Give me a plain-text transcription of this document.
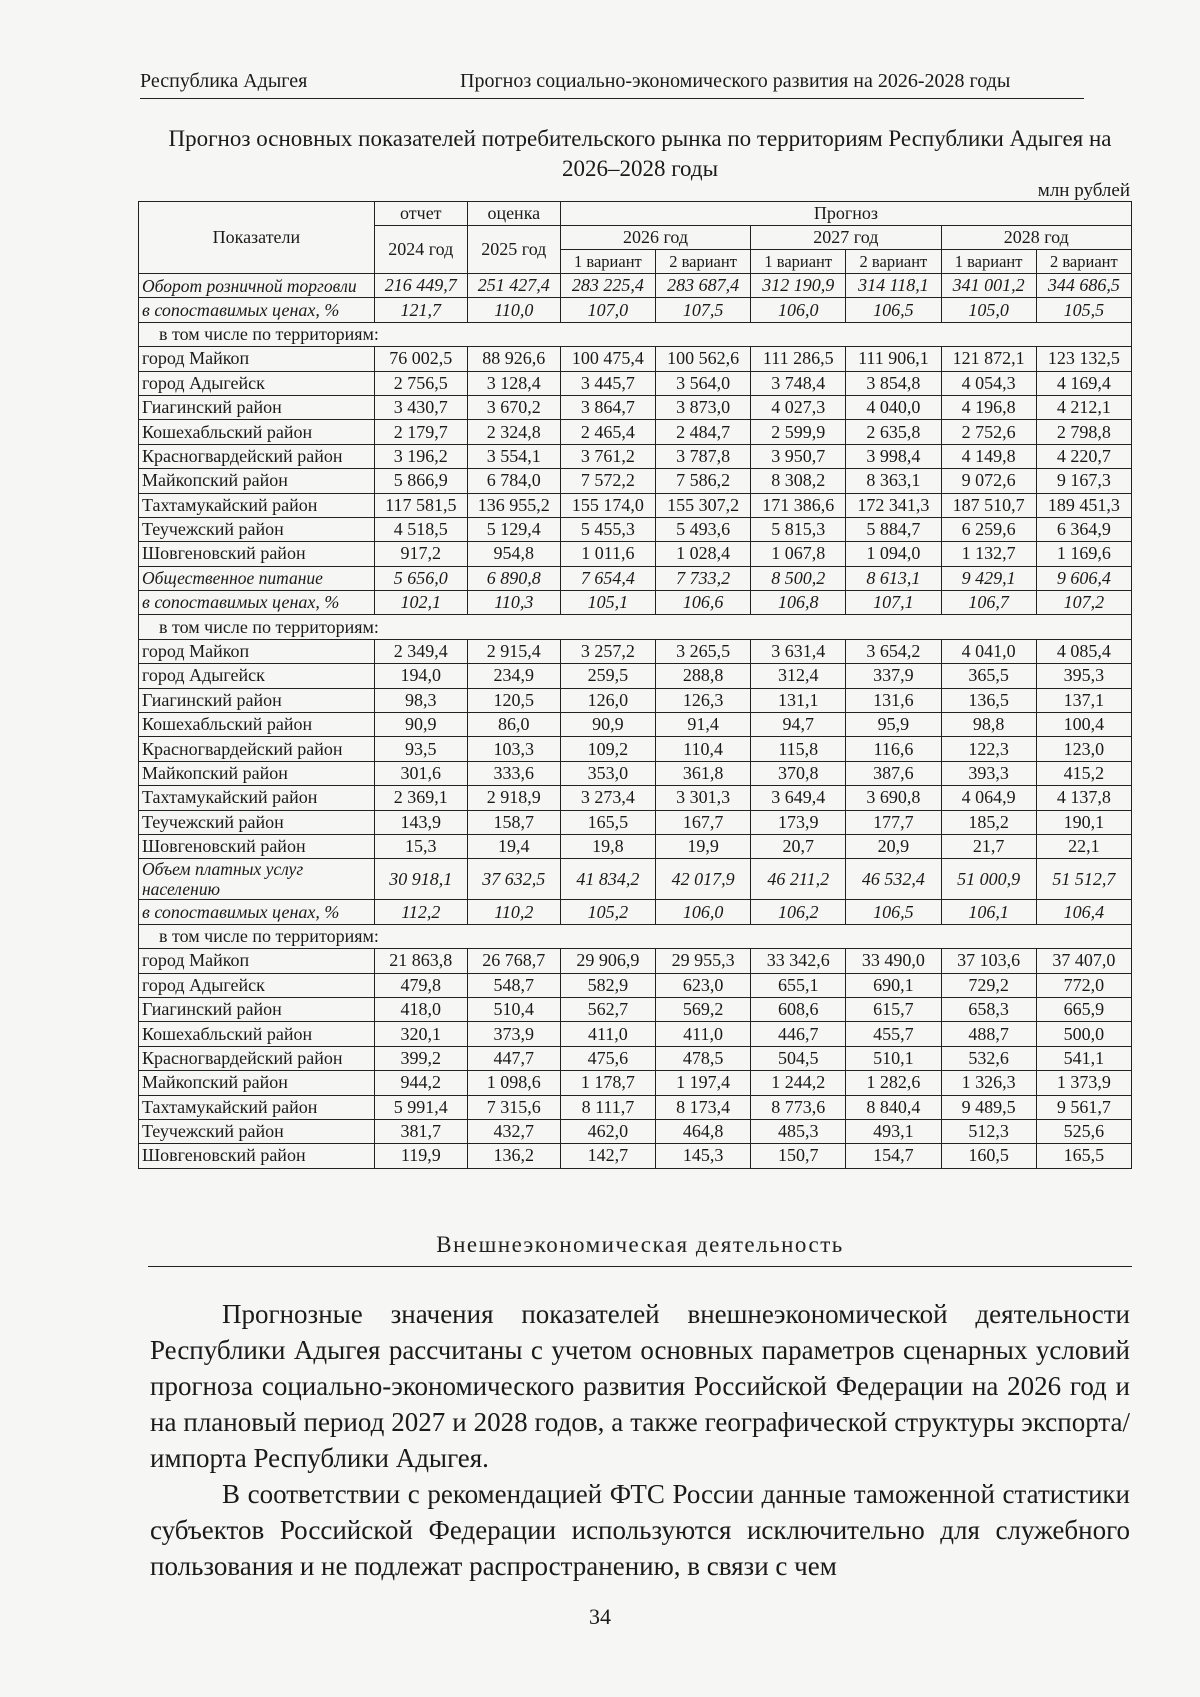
Республика Адыгея	Прогноз социально-экономического развития на 2026-2028 годы
Прогноз основных показателей потребительского рынка по территориям Республики Адыгея на 2026–2028 годы
млн рублей
Показатели	отчет	оценка	Прогноз					
	2024 год	2025 год	2026 год		2027 год		2028 год	
			1 вариант	2 вариант	1 вариант	2 вариант	1 вариант	2 вариант
Оборот розничной торговли	216 449,7	251 427,4	283 225,4	283 687,4	312 190,9	314 118,1	341 001,2	344 686,5
в сопоставимых ценах, %	121,7	110,0	107,0	107,5	106,0	106,5	105,0	105,5
в том числе по территориям:								
город Майкоп	76 002,5	88 926,6	100 475,4	100 562,6	111 286,5	111 906,1	121 872,1	123 132,5
город Адыгейск	2 756,5	3 128,4	3 445,7	3 564,0	3 748,4	3 854,8	4 054,3	4 169,4
Гиагинский район	3 430,7	3 670,2	3 864,7	3 873,0	4 027,3	4 040,0	4 196,8	4 212,1
Кошехабльский район	2 179,7	2 324,8	2 465,4	2 484,7	2 599,9	2 635,8	2 752,6	2 798,8
Красногвардейский район	3 196,2	3 554,1	3 761,2	3 787,8	3 950,7	3 998,4	4 149,8	4 220,7
Майкопский район	5 866,9	6 784,0	7 572,2	7 586,2	8 308,2	8 363,1	9 072,6	9 167,3
Тахтамукайский район	117 581,5	136 955,2	155 174,0	155 307,2	171 386,6	172 341,3	187 510,7	189 451,3
Теучежский район	4 518,5	5 129,4	5 455,3	5 493,6	5 815,3	5 884,7	6 259,6	6 364,9
Шовгеновский район	917,2	954,8	1 011,6	1 028,4	1 067,8	1 094,0	1 132,7	1 169,6
Общественное питание	5 656,0	6 890,8	7 654,4	7 733,2	8 500,2	8 613,1	9 429,1	9 606,4
в сопоставимых ценах, %	102,1	110,3	105,1	106,6	106,8	107,1	106,7	107,2
в том числе по территориям:								
город Майкоп	2 349,4	2 915,4	3 257,2	3 265,5	3 631,4	3 654,2	4 041,0	4 085,4
город Адыгейск	194,0	234,9	259,5	288,8	312,4	337,9	365,5	395,3
Гиагинский район	98,3	120,5	126,0	126,3	131,1	131,6	136,5	137,1
Кошехабльский район	90,9	86,0	90,9	91,4	94,7	95,9	98,8	100,4
Красногвардейский район	93,5	103,3	109,2	110,4	115,8	116,6	122,3	123,0
Майкопский район	301,6	333,6	353,0	361,8	370,8	387,6	393,3	415,2
Тахтамукайский район	2 369,1	2 918,9	3 273,4	3 301,3	3 649,4	3 690,8	4 064,9	4 137,8
Теучежский район	143,9	158,7	165,5	167,7	173,9	177,7	185,2	190,1
Шовгеновский район	15,3	19,4	19,8	19,9	20,7	20,9	21,7	22,1
Объем платных услуг населению	30 918,1	37 632,5	41 834,2	42 017,9	46 211,2	46 532,4	51 000,9	51 512,7
в сопоставимых ценах, %	112,2	110,2	105,2	106,0	106,2	106,5	106,1	106,4
в том числе по территориям:								
город Майкоп	21 863,8	26 768,7	29 906,9	29 955,3	33 342,6	33 490,0	37 103,6	37 407,0
город Адыгейск	479,8	548,7	582,9	623,0	655,1	690,1	729,2	772,0
Гиагинский район	418,0	510,4	562,7	569,2	608,6	615,7	658,3	665,9
Кошехабльский район	320,1	373,9	411,0	411,0	446,7	455,7	488,7	500,0
Красногвардейский район	399,2	447,7	475,6	478,5	504,5	510,1	532,6	541,1
Майкопский район	944,2	1 098,6	1 178,7	1 197,4	1 244,2	1 282,6	1 326,3	1 373,9
Тахтамукайский район	5 991,4	7 315,6	8 111,7	8 173,4	8 773,6	8 840,4	9 489,5	9 561,7
Теучежский район	381,7	432,7	462,0	464,8	485,3	493,1	512,3	525,6
Шовгеновский район	119,9	136,2	142,7	145,3	150,7	154,7	160,5	165,5
Внешнеэкономическая деятельность
Прогнозные значения показателей внешнеэкономической деятельности Республики Адыгея рассчитаны с учетом основных параметров сценарных условий прогноза социально-экономического развития Российской Федерации на 2026 год и на плановый период 2027 и 2028 годов, а также географической структуры экспорта/импорта Республики Адыгея.
В соответствии с рекомендацией ФТС России данные таможенной статистики субъектов Российской Федерации используются исключительно для служебного пользования и не подлежат распространению, в связи с чем
34
